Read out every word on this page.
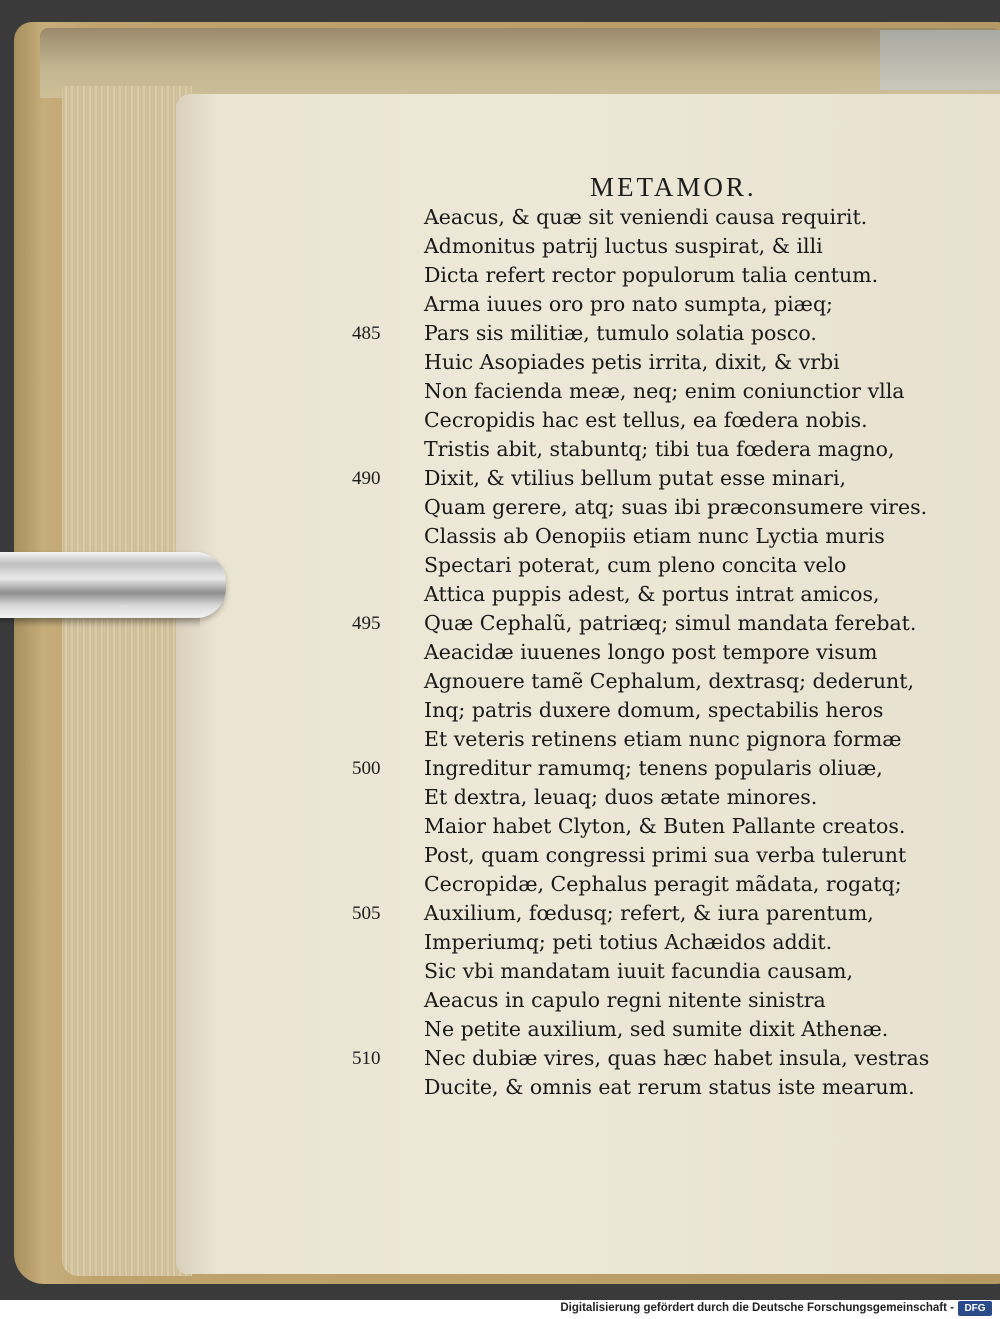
METAMOR.
485
490
495
500
505
510
Aeacus, & quæ sit veniendi causa requirit.
Admonitus patrij luctus suspirat, & illi
Dicta refert rector populorum talia centum.
Arma iuues oro pro nato sumpta, piæq;
Pars sis militiæ, tumulo solatia posco.
Huic Asopiades petis irrita, dixit, & vrbi
Non facienda meæ, neq; enim coniunctior vlla
Cecropidis hac est tellus, ea fœdera nobis.
Tristis abit, stabuntq; tibi tua fœdera magno,
Dixit, & vtilius bellum putat esse minari,
Quam gerere, atq; suas ibi præconsumere vires.
Classis ab Oenopiis etiam nunc Lyctia muris
Spectari poterat, cum pleno concita velo
Attica puppis adest, & portus intrat amicos,
Quæ Cephalũ, patriæq; simul mandata ferebat.
Aeacidæ iuuenes longo post tempore visum
Agnouere tamẽ Cephalum, dextrasq; dederunt,
Inq; patris duxere domum, spectabilis heros
Et veteris retinens etiam nunc pignora formæ
Ingreditur ramumq; tenens popularis oliuæ,
Et dextra, leuaq; duos ætate minores.
Maior habet Clyton, & Buten Pallante creatos.
Post, quam congressi primi sua verba tulerunt
Cecropidæ, Cephalus peragit mãdata, rogatq;
Auxilium, fœdusq; refert, & iura parentum,
Imperiumq; peti totius Achæidos addit.
Sic vbi mandatam iuuit facundia causam,
Aeacus in capulo regni nitente sinistra
Ne petite auxilium, sed sumite dixit Athenæ.
Nec dubiæ vires, quas hæc habet insula, vestras
Ducite, & omnis eat rerum status iste mearum.
Digitalisierung gefördert durch die Deutsche Forschungsgemeinschaft -	DFG
